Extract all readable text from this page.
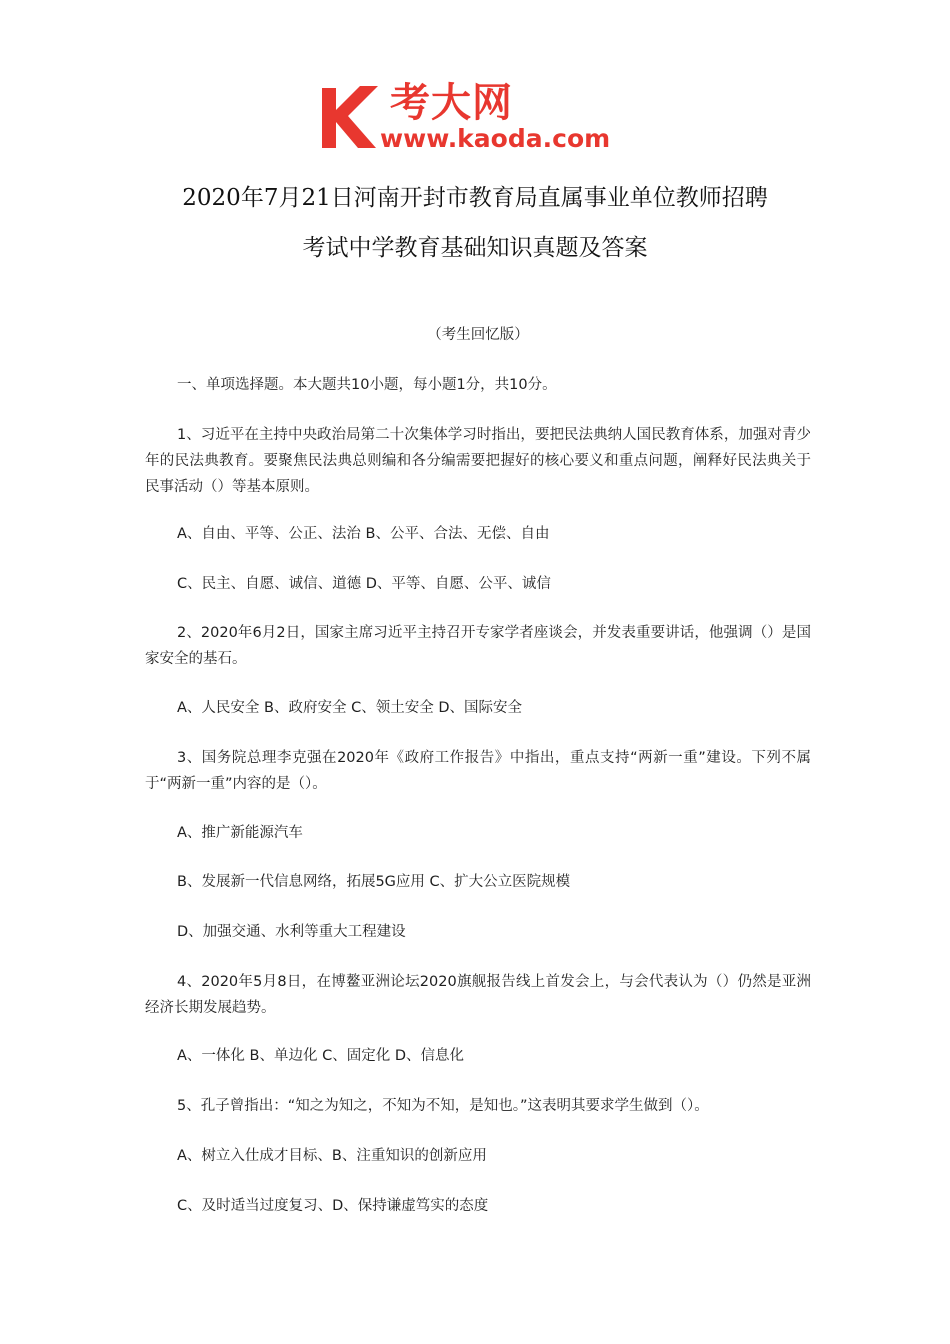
考大网
www.kaoda.com
2020年7月21日河南开封市教育局直属事业单位教师招聘
考试中学教育基础知识真题及答案
（考生回忆版）
一、单项选择题。本大题共10小题，每小题1分，共10分。
1、习近平在主持中央政治局第二十次集体学习时指出，要把民法典纳人国民教育体系，加强对青少年的民法典教育。要聚焦民法典总则编和各分编需要把握好的核心要义和重点问题，阐释好民法典关于民事活动（）等基本原则。
A、自由、平等、公正、法治 B、公平、合法、无偿、自由
C、民主、自愿、诚信、道德 D、平等、自愿、公平、诚信
2、2020年6月2日，国家主席习近平主持召开专家学者座谈会，并发表重要讲话，他强调（）是国家安全的基石。
A、人民安全 B、政府安全 C、领土安全 D、国际安全
3、国务院总理李克强在2020年《政府工作报告》中指出，重点支持“两新一重”建设。下列不属于“两新一重”内容的是（）。
A、推广新能源汽车
B、发展新一代信息网络，拓展5G应用 C、扩大公立医院规模
D、加强交通、水利等重大工程建设
4、2020年5月8日，在博鳌亚洲论坛2020旗舰报告线上首发会上，与会代表认为（）仍然是亚洲经济长期发展趋势。
A、一体化 B、单边化 C、固定化 D、信息化
5、孔子曾指出：“知之为知之，不知为不知，是知也。”这表明其要求学生做到（）。
A、树立入仕成才目标、B、注重知识的创新应用
C、及时适当过度复习、D、保持谦虚笃实的态度
